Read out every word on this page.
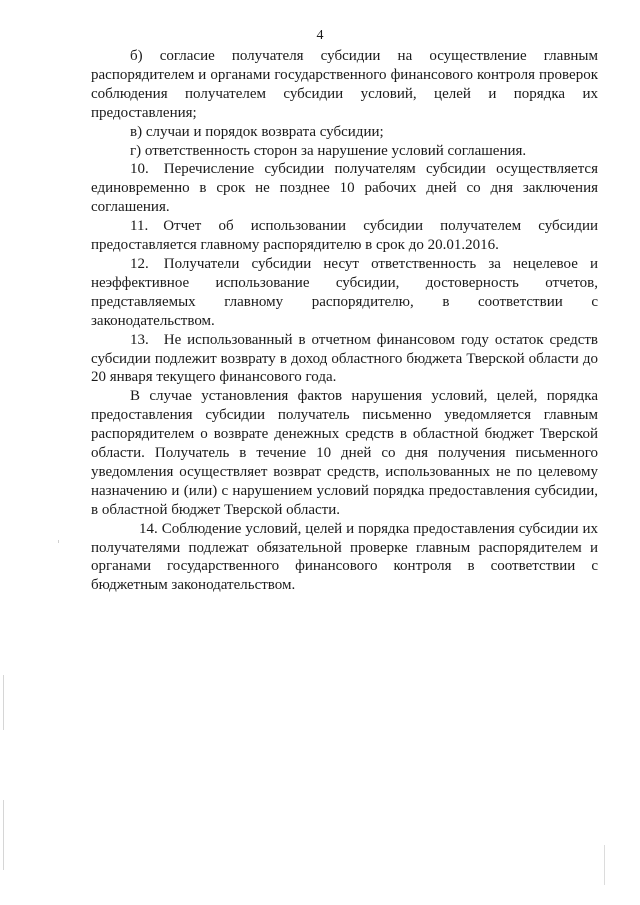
4

б) согласие получателя субсидии на осуществление главным распорядителем и органами государственного финансового контроля проверок соблюдения получателем субсидии условий, целей и порядка их предоставления;

в) случаи и порядок возврата субсидии;

г) ответственность сторон за нарушение условий соглашения.

10. Перечисление субсидии получателям субсидии осуществляется единовременно в срок не позднее 10 рабочих дней со дня заключения соглашения.

11. Отчет об использовании субсидии получателем субсидии предоставляется главному распорядителю в срок до 20.01.2016.

12. Получатели субсидии несут ответственность за нецелевое и неэффективное использование субсидии, достоверность отчетов, представляемых главному распорядителю, в соответствии с законодательством.

13. Не использованный в отчетном финансовом году остаток средств субсидии подлежит возврату в доход областного бюджета Тверской области до 20 января текущего финансового года.

В случае установления фактов нарушения условий, целей, порядка предоставления субсидии получатель письменно уведомляется главным распорядителем о возврате денежных средств в областной бюджет Тверской области. Получатель в течение 10 дней со дня получения письменного уведомления осуществляет возврат средств, использованных не по целевому назначению и (или) с нарушением условий порядка предоставления субсидии, в областной бюджет Тверской области.

14. Соблюдение условий, целей и порядка предоставления субсидии их получателями подлежат обязательной проверке главным распорядителем и органами государственного финансового контроля в соответствии с бюджетным законодательством.
